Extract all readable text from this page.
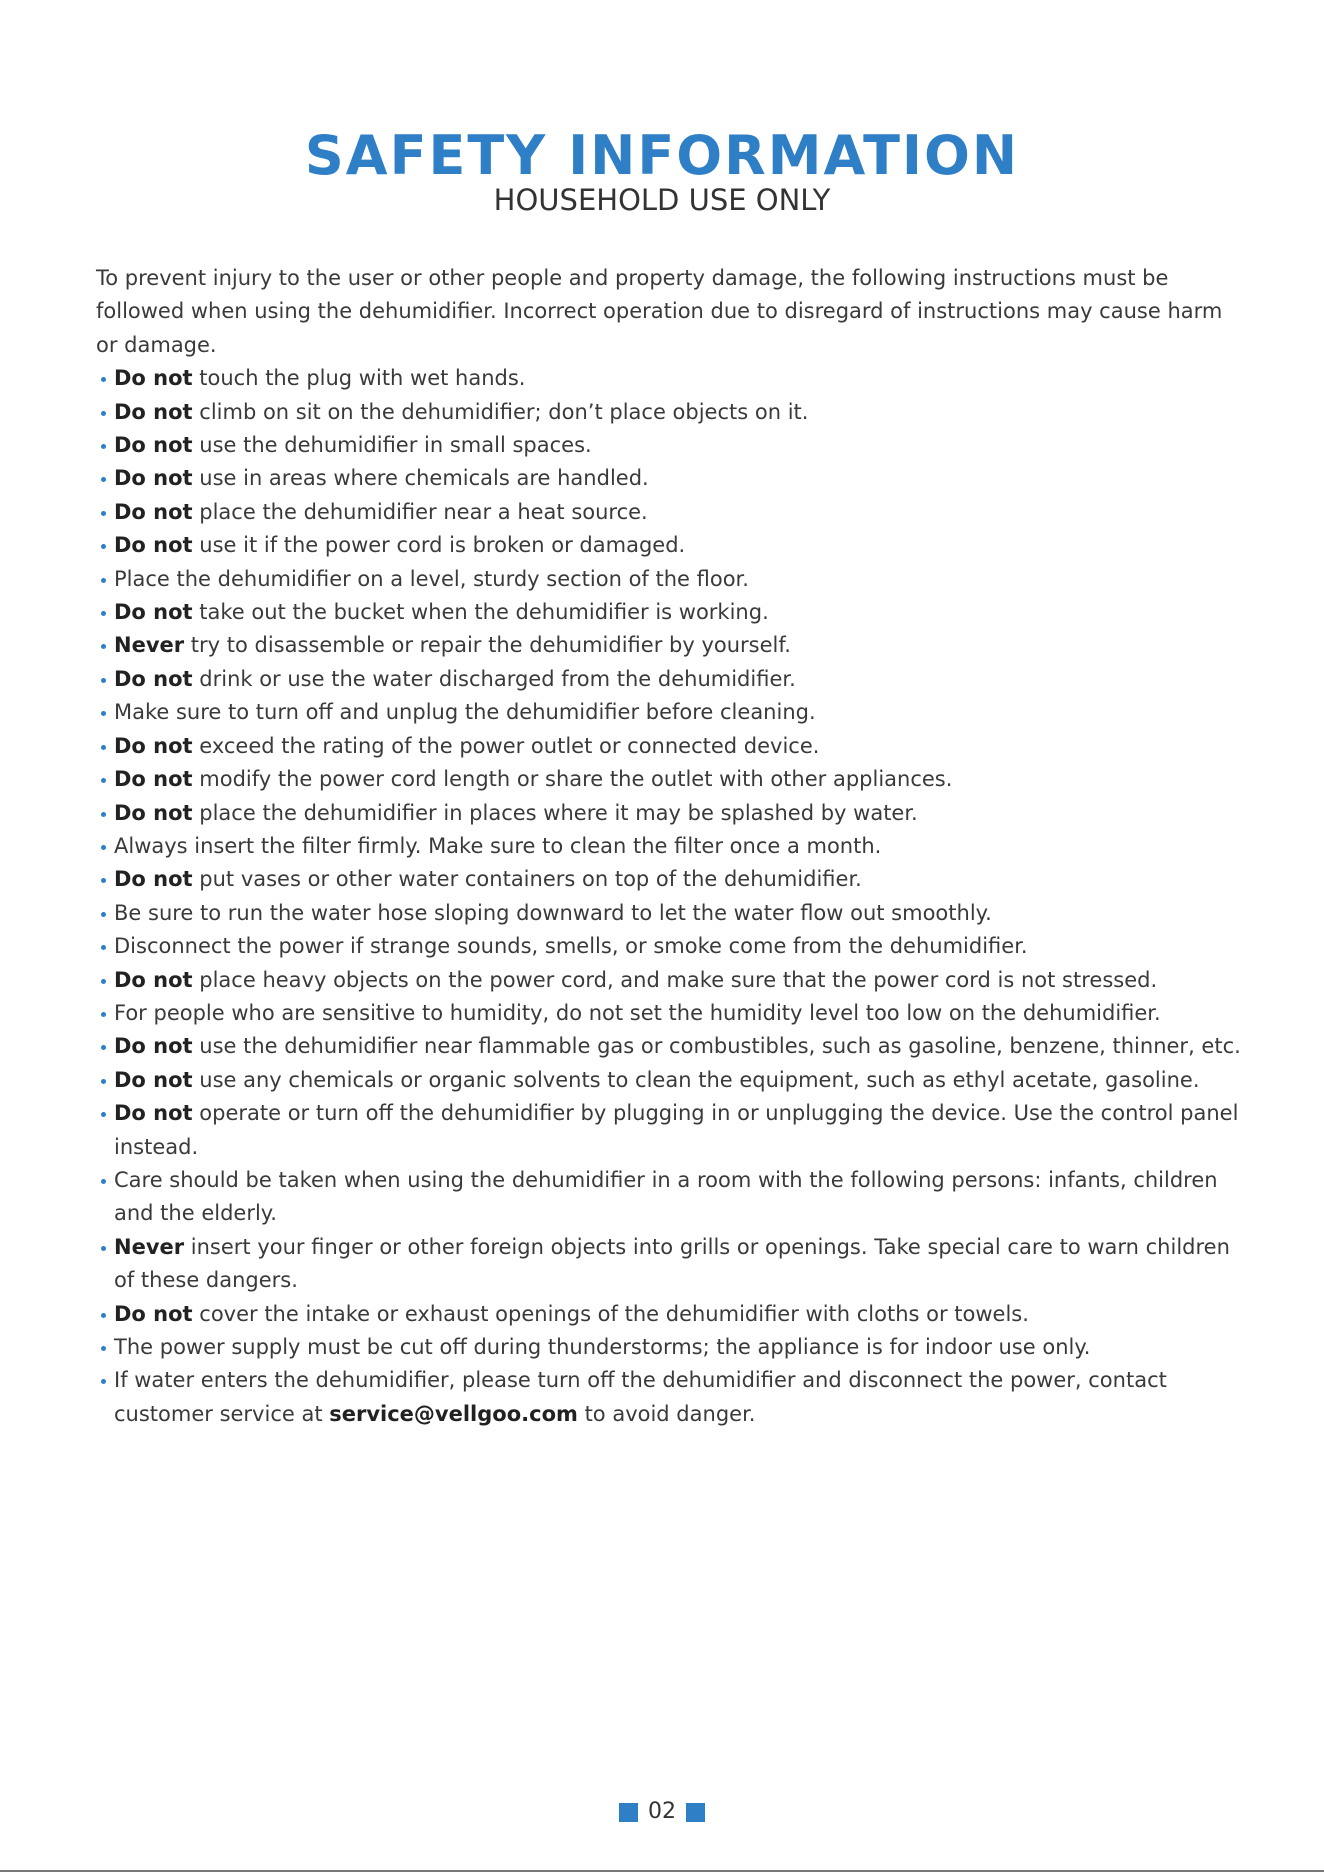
SAFETY INFORMATION
HOUSEHOLD USE ONLY

To prevent injury to the user or other people and property damage, the following instructions must be followed when using the dehumidifier. Incorrect operation due to disregard of instructions may cause harm or damage.

Do not touch the plug with wet hands.
Do not climb on sit on the dehumidifier; don’t place objects on it.
Do not use the dehumidifier in small spaces.
Do not use in areas where chemicals are handled.
Do not place the dehumidifier near a heat source.
Do not use it if the power cord is broken or damaged.
Place the dehumidifier on a level, sturdy section of the floor.
Do not take out the bucket when the dehumidifier is working.
Never try to disassemble or repair the dehumidifier by yourself.
Do not drink or use the water discharged from the dehumidifier.
Make sure to turn off and unplug the dehumidifier before cleaning.
Do not exceed the rating of the power outlet or connected device.
Do not modify the power cord length or share the outlet with other appliances.
Do not place the dehumidifier in places where it may be splashed by water.
Always insert the filter firmly. Make sure to clean the filter once a month.
Do not put vases or other water containers on top of the dehumidifier.
Be sure to run the water hose sloping downward to let the water flow out smoothly.
Disconnect the power if strange sounds, smells, or smoke come from the dehumidifier.
Do not place heavy objects on the power cord, and make sure that the power cord is not stressed.
For people who are sensitive to humidity, do not set the humidity level too low on the dehumidifier.
Do not use the dehumidifier near flammable gas or combustibles, such as gasoline, benzene, thinner, etc.
Do not use any chemicals or organic solvents to clean the equipment, such as ethyl acetate, gasoline.
Do not operate or turn off the dehumidifier by plugging in or unplugging the device. Use the control panel instead.
Care should be taken when using the dehumidifier in a room with the following persons: infants, children and the elderly.
Never insert your finger or other foreign objects into grills or openings. Take special care to warn children of these dangers.
Do not cover the intake or exhaust openings of the dehumidifier with cloths or towels.
The power supply must be cut off during thunderstorms; the appliance is for indoor use only.
If water enters the dehumidifier, please turn off the dehumidifier and disconnect the power, contact customer service at service@vellgoo.com to avoid danger.
02
